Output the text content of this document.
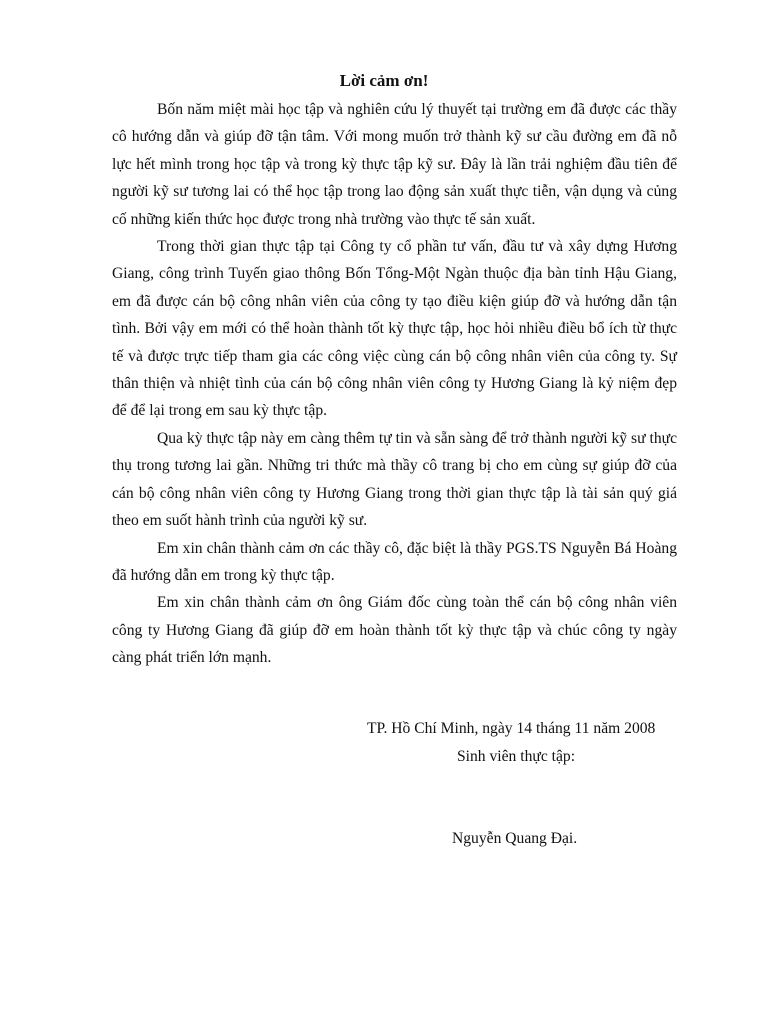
Lời cảm ơn!

Bốn năm miệt mài học tập và nghiên cứu lý thuyết tại trường em đã được các thầy cô hướng dẫn và giúp đỡ tận tâm. Với mong muốn trở thành kỹ sư cầu đường em đã nỗ lực hết mình trong học tập và trong kỳ thực tập kỹ sư. Đây là lần trải nghiệm đầu tiên để người kỹ sư tương lai có thể học tập trong lao động sản xuất thực tiễn, vận dụng và củng cố những kiến thức học được trong nhà trường vào thực tế sản xuất.

Trong thời gian thực tập tại Công ty cổ phần tư vấn, đầu tư và xây dựng Hương Giang, công trình Tuyến giao thông Bốn Tổng-Một Ngàn thuộc địa bàn tỉnh Hậu Giang, em đã được cán bộ công nhân viên của công ty tạo điều kiện giúp đỡ và hướng dẫn tận tình. Bởi vậy em mới có thể hoàn thành tốt kỳ thực tập, học hỏi nhiều điều bổ ích từ thực tế và được trực tiếp tham gia các công việc cùng cán bộ công nhân viên của công ty. Sự thân thiện và nhiệt tình của cán bộ công nhân viên công ty Hương Giang là kỷ niệm đẹp để để lại trong em sau kỳ thực tập.

Qua kỳ thực tập này em càng thêm tự tin và sẵn sàng để trở thành người kỹ sư thực thụ trong tương lai gần. Những tri thức mà thầy cô trang bị cho em cùng sự giúp đỡ của cán bộ công nhân viên công ty Hương Giang trong thời gian thực tập là tài sản quý giá theo em suốt hành trình của người kỹ sư.

Em xin chân thành cảm ơn các thầy cô, đặc biệt là thầy PGS.TS Nguyễn Bá Hoàng đã hướng dẫn em trong kỳ thực tập.

Em xin chân thành cảm ơn ông Giám đốc cùng toàn thể cán bộ công nhân viên công ty Hương Giang đã giúp đỡ em hoàn thành tốt kỳ thực tập và chúc công ty ngày càng phát triển lớn mạnh.

TP. Hồ Chí Minh, ngày 14 tháng 11 năm 2008
Sinh viên thực tập:
Nguyễn Quang Đại.
